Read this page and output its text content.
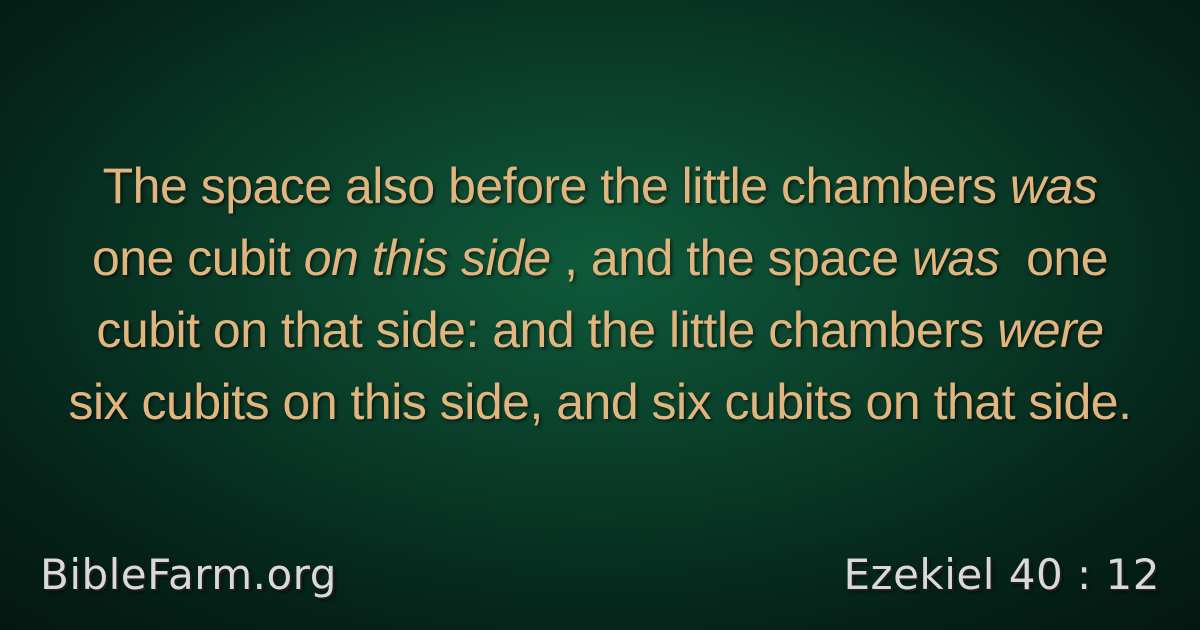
The space also before the little chambers was
one cubit on this side , and the space was  one
cubit on that side: and the little chambers were
six cubits on this side, and six cubits on that side.
BibleFarm.org	Ezekiel 40 : 12
